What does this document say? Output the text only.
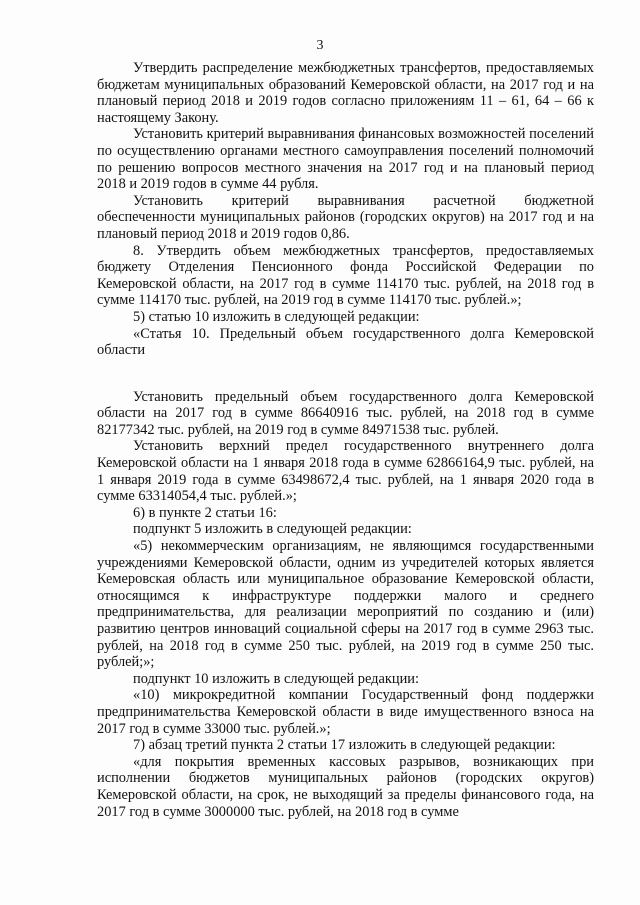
3

Утвердить распределение межбюджетных трансфертов, предоставляемых бюджетам муниципальных образований Кемеровской области, на 2017 год и на плановый период 2018 и 2019 годов согласно приложениям 11 – 61, 64 – 66 к настоящему Закону.

Установить критерий выравнивания финансовых возможностей поселений по осуществлению органами местного самоуправления поселений полномочий по решению вопросов местного значения на 2017 год и на плановый период 2018 и 2019 годов в сумме 44 рубля.

Установить критерий выравнивания расчетной бюджетной обеспеченности муниципальных районов (городских округов) на 2017 год и на плановый период 2018 и 2019 годов 0,86.

8. Утвердить объем межбюджетных трансфертов, предоставляемых бюджету Отделения Пенсионного фонда Российской Федерации по Кемеровской области, на 2017 год в сумме 114170 тыс. рублей, на 2018 год в сумме 114170 тыс. рублей, на 2019 год в сумме 114170 тыс. рублей.»;

5) статью 10 изложить в следующей редакции:

«Статья 10. Предельный объем государственного долга Кемеровской области

Установить предельный объем государственного долга Кемеровской области на 2017 год в сумме 86640916 тыс. рублей, на 2018 год в сумме 82177342 тыс. рублей, на 2019 год в сумме 84971538 тыс. рублей.

Установить верхний предел государственного внутреннего долга Кемеровской области на 1 января 2018 года в сумме 62866164,9 тыс. рублей, на 1 января 2019 года в сумме 63498672,4 тыс. рублей, на 1 января 2020 года в сумме 63314054,4 тыс. рублей.»;

6) в пункте 2 статьи 16:

подпункт 5 изложить в следующей редакции:

«5) некоммерческим организациям, не являющимся государственными учреждениями Кемеровской области, одним из учредителей которых является Кемеровская область или муниципальное образование Кемеровской области, относящимся к инфраструктуре поддержки малого и среднего предпринимательства, для реализации мероприятий по созданию и (или) развитию центров инноваций социальной сферы на 2017 год в сумме 2963 тыс. рублей, на 2018 год в сумме 250 тыс. рублей, на 2019 год в сумме 250 тыс. рублей;»;

подпункт 10 изложить в следующей редакции:

«10) микрокредитной компании Государственный фонд поддержки предпринимательства Кемеровской области в виде имущественного взноса на 2017 год в сумме 33000 тыс. рублей.»;

7) абзац третий пункта 2 статьи 17 изложить в следующей редакции:

«для покрытия временных кассовых разрывов, возникающих при исполнении бюджетов муниципальных районов (городских округов) Кемеровской области, на срок, не выходящий за пределы финансового года, на 2017 год в сумме 3000000 тыс. рублей, на 2018 год в сумме
